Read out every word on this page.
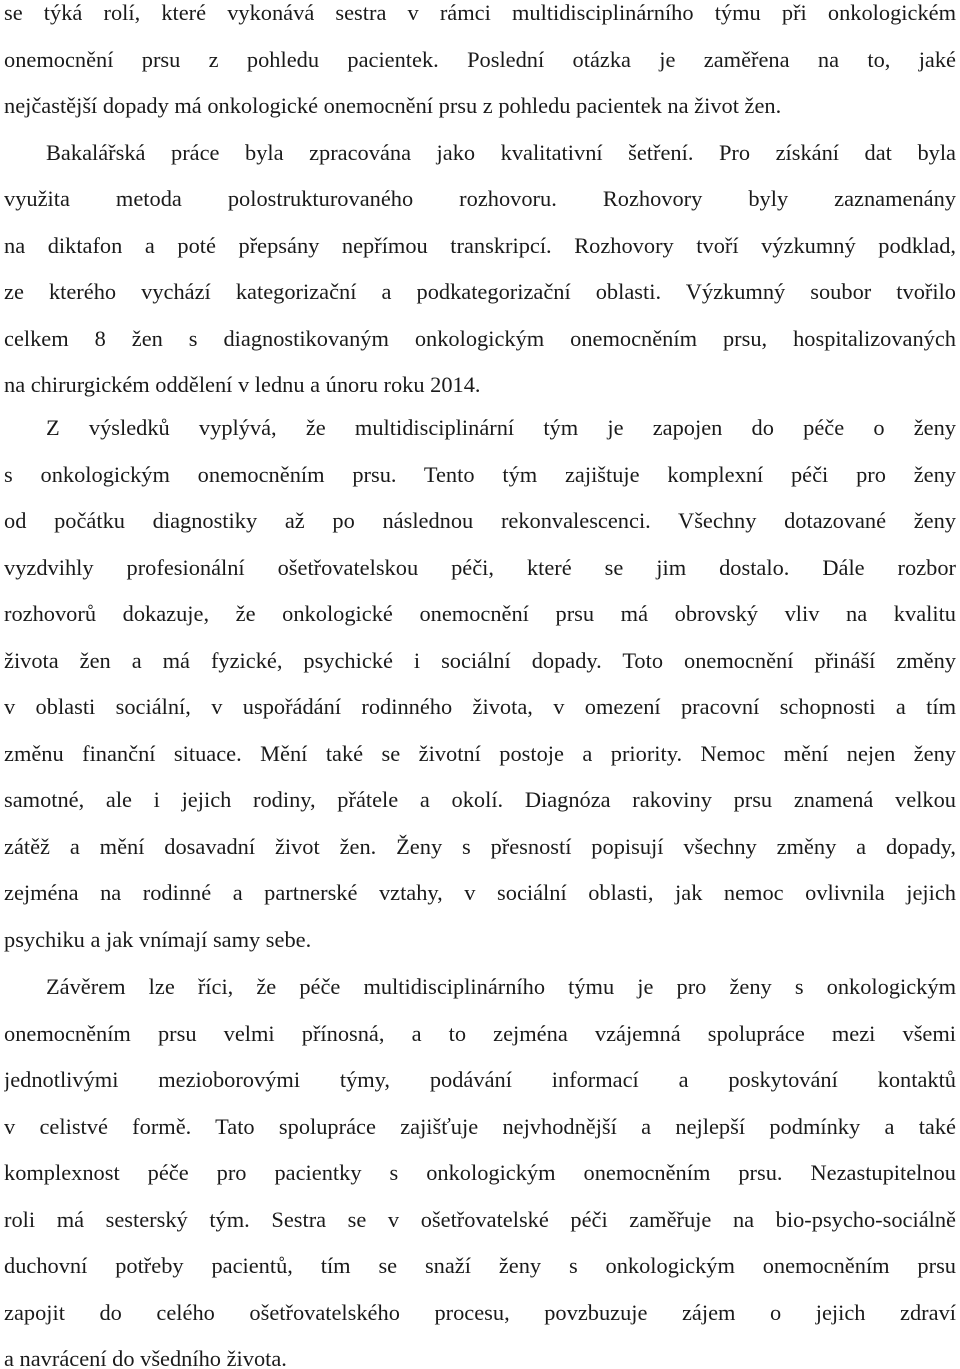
se týká rolí, které vykonává sestra v rámci multidisciplinárního týmu při onkologickém
onemocnění prsu z pohledu pacientek. Poslední otázka je zaměřena na to, jaké
nejčastější dopady má onkologické onemocnění prsu z pohledu pacientek na život žen.
Bakalářská práce byla zpracována jako kvalitativní šetření. Pro získání dat byla
využita metoda polostrukturovaného rozhovoru. Rozhovory byly zaznamenány
na diktafon a poté přepsány nepřímou transkripcí. Rozhovory tvoří výzkumný podklad,
ze kterého vychází kategorizační a podkategorizační oblasti. Výzkumný soubor tvořilo
celkem 8 žen s diagnostikovaným onkologickým onemocněním prsu, hospitalizovaných
na chirurgickém oddělení v lednu a únoru roku 2014.
Z výsledků vyplývá, že multidisciplinární tým je zapojen do péče o ženy
s onkologickým onemocněním prsu. Tento tým zajištuje komplexní péči pro ženy
od počátku diagnostiky až po následnou rekonvalescenci. Všechny dotazované ženy
vyzdvihly profesionální ošetřovatelskou péči, které se jim dostalo. Dále rozbor
rozhovorů dokazuje, že onkologické onemocnění prsu má obrovský vliv na kvalitu
života žen a má fyzické, psychické i sociální dopady. Toto onemocnění přináší změny
v oblasti sociální, v uspořádání rodinného života, v omezení pracovní schopnosti a tím
změnu finanční situace. Mění také se životní postoje a priority. Nemoc mění nejen ženy
samotné, ale i jejich rodiny, přátele a okolí. Diagnóza rakoviny prsu znamená velkou
zátěž a mění dosavadní život žen. Ženy s přesností popisují všechny změny a dopady,
zejména na rodinné a partnerské vztahy, v sociální oblasti, jak nemoc ovlivnila jejich
psychiku a jak vnímají samy sebe.
Závěrem lze říci, že péče multidisciplinárního týmu je pro ženy s onkologickým
onemocněním prsu velmi přínosná, a to zejména vzájemná spolupráce mezi všemi
jednotlivými mezioborovými týmy, podávání informací a poskytování kontaktů
v celistvé formě. Tato spolupráce zajišťuje nejvhodnější a nejlepší podmínky a také
komplexnost péče pro pacientky s onkologickým onemocněním prsu. Nezastupitelnou
roli má sesterský tým. Sestra se v ošetřovatelské péči zaměřuje na bio-psycho-sociálně
duchovní potřeby pacientů, tím se snaží ženy s onkologickým onemocněním prsu
zapojit do celého ošetřovatelského procesu, povzbuzuje zájem o jejich zdraví
a navrácení do všedního života.
